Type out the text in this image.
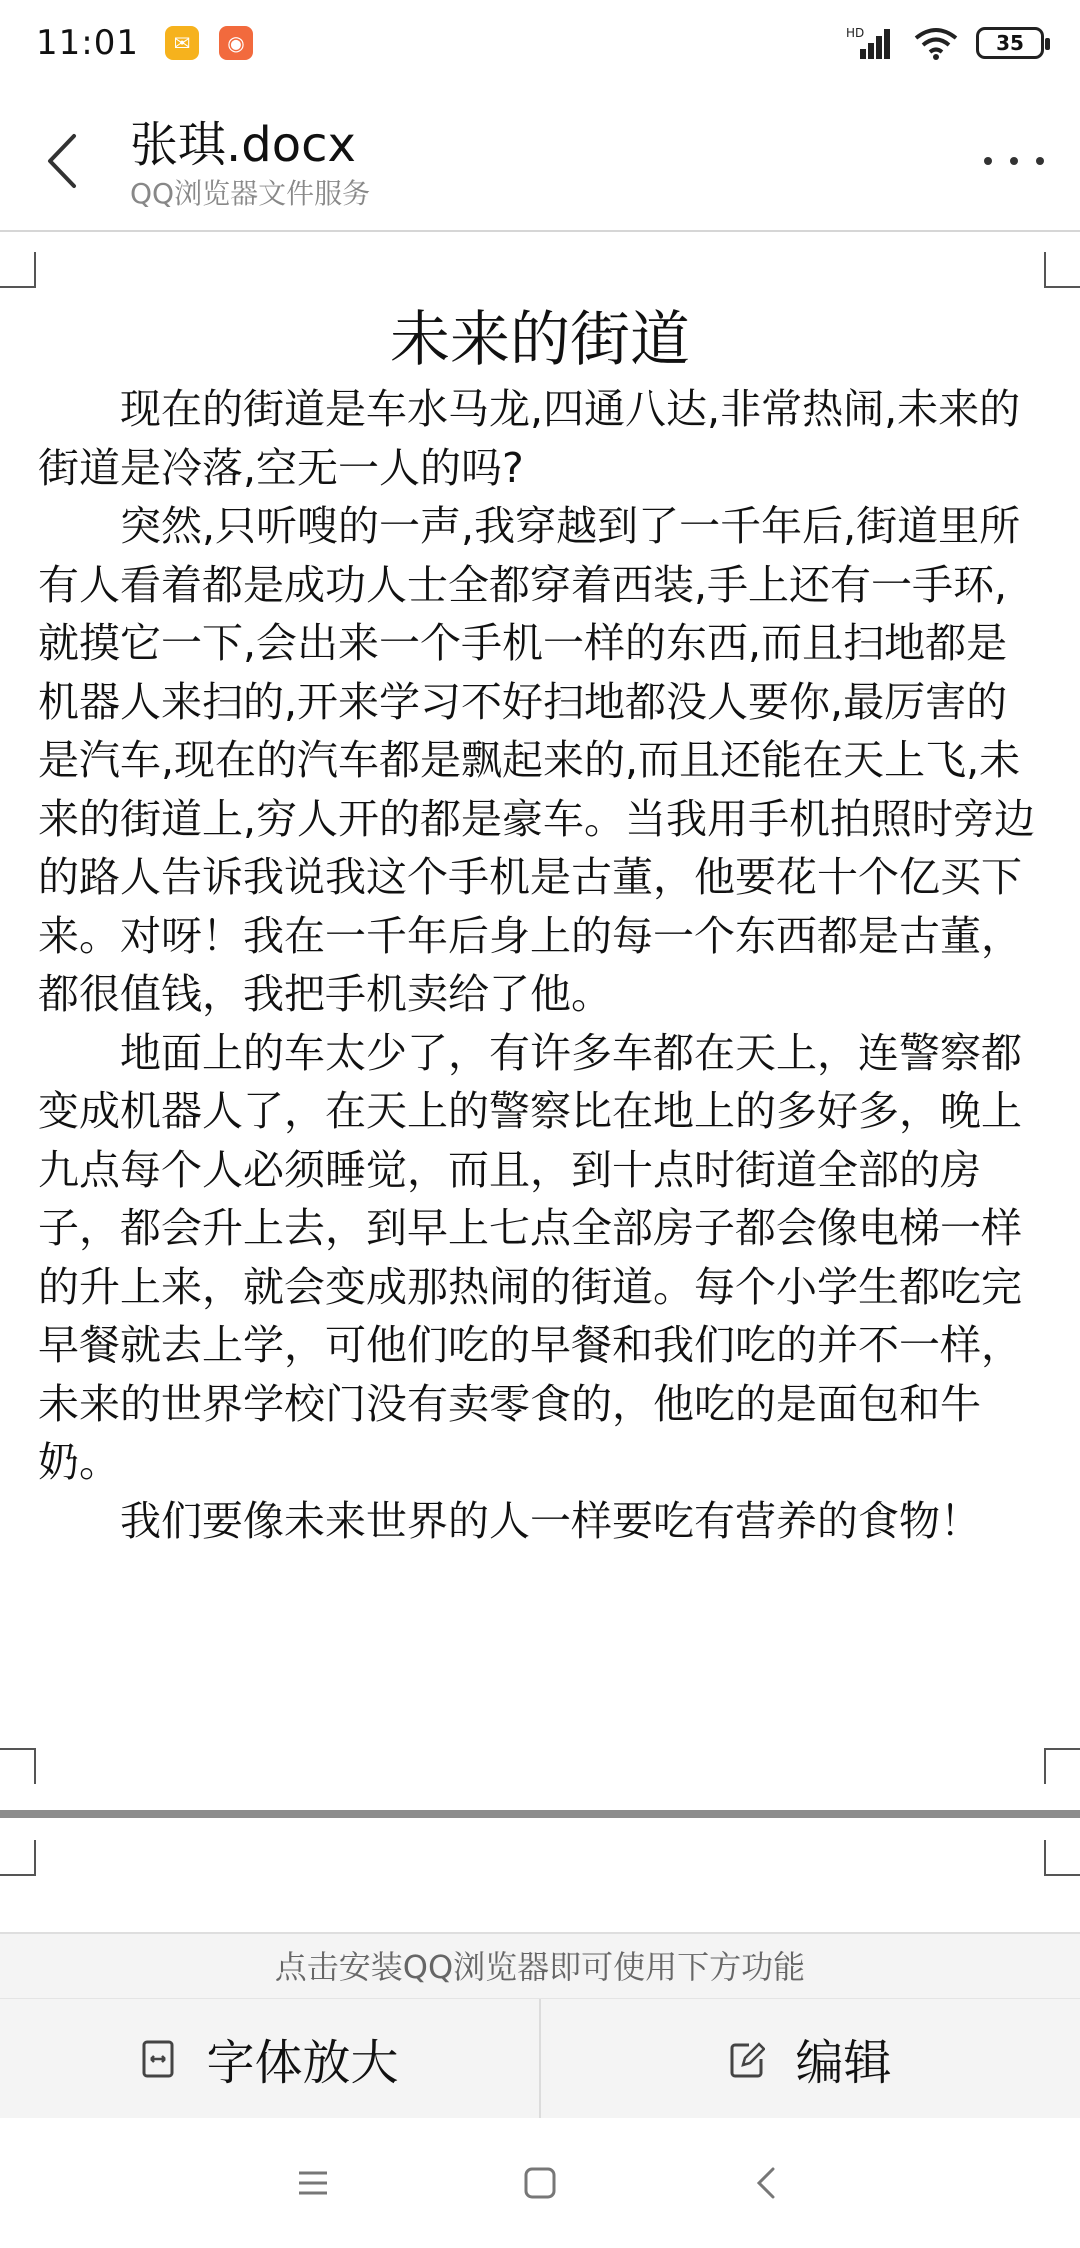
11:01	✉	◉	HD	35
张琪.docx
QQ浏览器文件服务
未来的街道

现在的街道是车水马龙,四通八达,非常热闹,未来的街道是冷落,空无一人的吗?

突然,只听嗖的一声,我穿越到了一千年后,街道里所有人看着都是成功人士全都穿着西装,手上还有一手环,就摸它一下,会出来一个手机一样的东西,而且扫地都是机器人来扫的,开来学习不好扫地都没人要你,最厉害的是汽车,现在的汽车都是飘起来的,而且还能在天上飞,未来的街道上,穷人开的都是豪车。当我用手机拍照时旁边的路人告诉我说我这个手机是古董，他要花十个亿买下来。对呀！我在一千年后身上的每一个东西都是古董，都很值钱，我把手机卖给了他。

地面上的车太少了，有许多车都在天上，连警察都变成机器人了，在天上的警察比在地上的多好多，晚上九点每个人必须睡觉，而且，到十点时街道全部的房子，都会升上去，到早上七点全部房子都会像电梯一样的升上来，就会变成那热闹的街道。每个小学生都吃完早餐就去上学，可他们吃的早餐和我们吃的并不一样，未来的世界学校门没有卖零食的，他吃的是面包和牛奶。

我们要像未来世界的人一样要吃有营养的食物！

点击安装QQ浏览器即可使用下方功能
字体放大	编辑
